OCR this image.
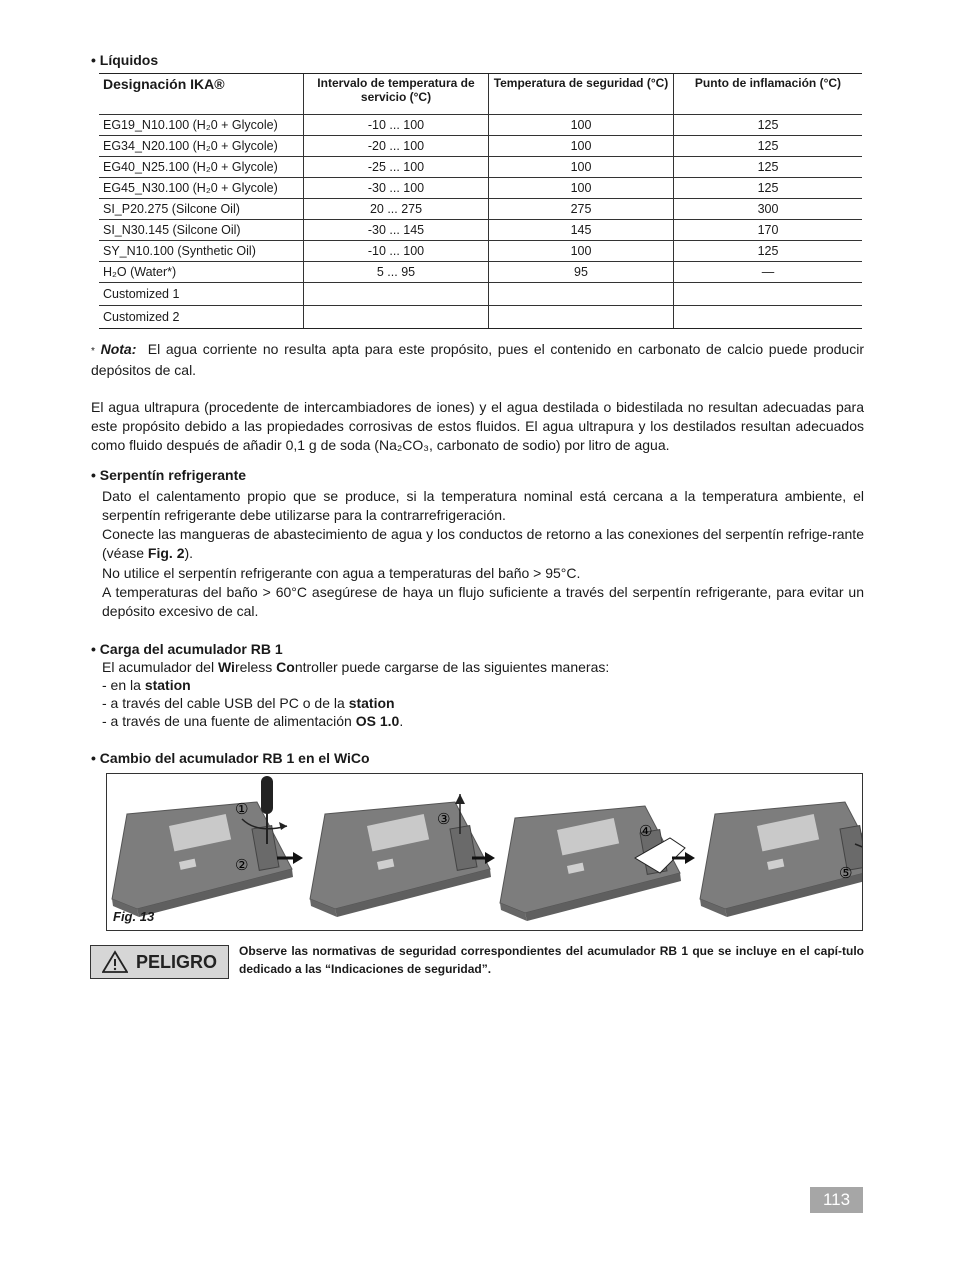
• Líquidos
Designación IKA®	Intervalo de temperatura de servicio (°C)	Temperatura de seguridad (°C)	Punto de inflamación (°C)
EG19_N10.100 (H₂0 + Glycole)	-10 ... 100	100	125
EG34_N20.100 (H₂0 + Glycole)	-20 ... 100	100	125
EG40_N25.100 (H₂0 + Glycole)	-25 ... 100	100	125
EG45_N30.100 (H₂0 + Glycole)	-30 ... 100	100	125
SI_P20.275 (Silcone Oil)	20 ... 275	275	300
SI_N30.145 (Silcone Oil)	-30 ... 145	145	170
SY_N10.100 (Synthetic Oil)	-10 ... 100	100	125
H₂O (Water*)	5 ... 95	95	—
Customized 1			
Customized 2			
* Nota: El agua corriente no resulta apta para este propósito, pues el contenido en carbonato de calcio puede producir depósitos de cal.
El agua ultrapura (procedente de intercambiadores de iones) y el agua destilada o bidestilada no resultan adecuadas para este propósito debido a las propiedades corrosivas de estos fluidos. El agua ultrapura y los destilados resultan adecuados como fluido después de añadir 0,1 g de soda (Na₂CO₃, carbonato de sodio) por litro de agua.
• Serpentín refrigerante
Dato el calentamento propio que se produce, si la temperatura nominal está cercana a la temperatura ambiente, el serpentín refrigerante debe utilizarse para la contrarrefrigeración.
Conecte las mangueras de abastecimiento de agua y los conductos de retorno a las conexiones del serpentín refrige-rante (véase Fig. 2).
No utilice el serpentín refrigerante con agua a temperaturas del baño > 95°C.
A temperaturas del baño > 60°C asegúrese de haya un flujo suficiente a través del serpentín refrigerante, para evitar un depósito excesivo de cal.
• Carga del acumulador RB 1
El acumulador del Wireless Controller puede cargarse de las siguientes maneras:
- en la station
- a través del cable USB del PC o de la station
- a través de una fuente de alimentación OS 1.0.
• Cambio del acumulador RB 1 en el WiCo
①
②
③
④
⑤
Fig. 13
PELIGRO
Observe las normativas de seguridad correspondientes del acumulador RB 1 que se incluye en el capí-tulo dedicado a las “Indicaciones de seguridad”.
113
